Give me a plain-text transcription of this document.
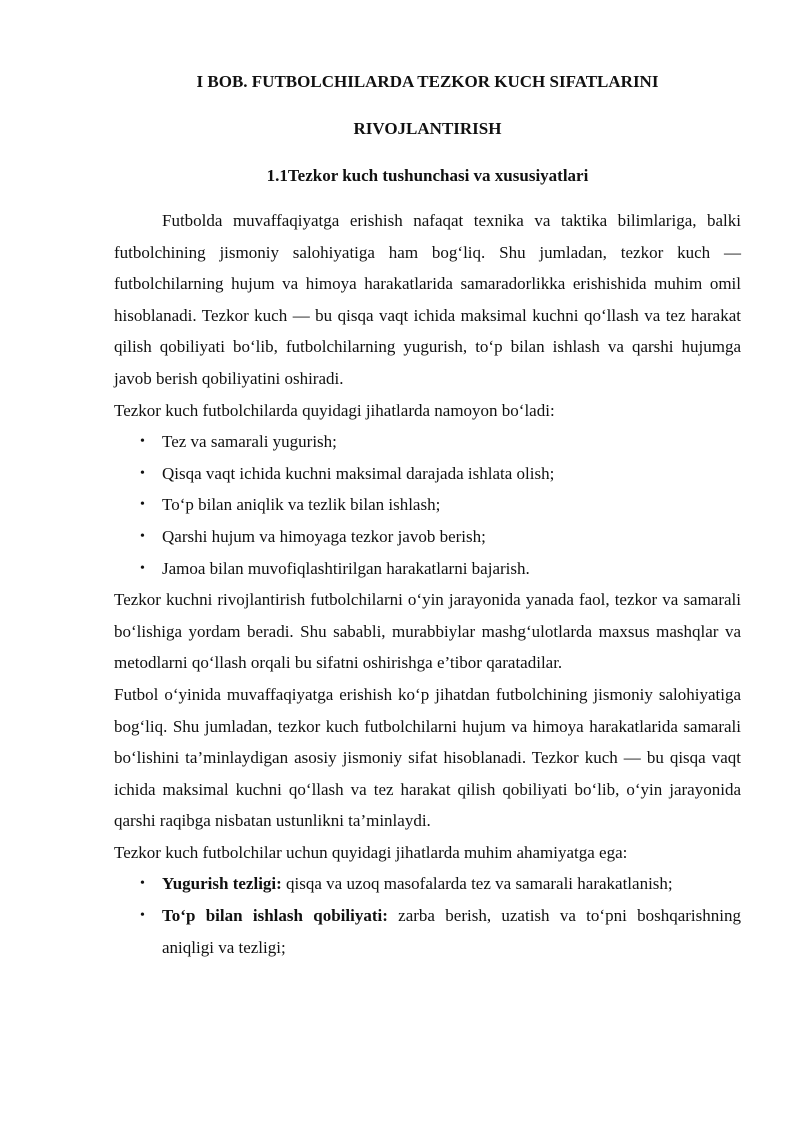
I BOB. FUTBOLCHILARDA TEZKOR KUCH SIFATLARINI
RIVOJLANTIRISH
1.1Tezkor kuch tushunchasi va xususiyatlari

Futbolda muvaffaqiyatga erishish nafaqat texnika va taktika bilimlariga, balki futbolchining jismoniy salohiyatiga ham bog‘liq. Shu jumladan, tezkor kuch — futbolchilarning hujum va himoya harakatlarida samaradorlikka erishishida muhim omil hisoblanadi. Tezkor kuch — bu qisqa vaqt ichida maksimal kuchni qo‘llash va tez harakat qilish qobiliyati bo‘lib, futbolchilarning yugurish, to‘p bilan ishlash va qarshi hujumga javob berish qobiliyatini oshiradi.

Tezkor kuch futbolchilarda quyidagi jihatlarda namoyon bo‘ladi:

• Tez va samarali yugurish;
• Qisqa vaqt ichida kuchni maksimal darajada ishlata olish;
• To‘p bilan aniqlik va tezlik bilan ishlash;
• Qarshi hujum va himoyaga tezkor javob berish;
• Jamoa bilan muvofiqlashtirilgan harakatlarni bajarish.

Tezkor kuchni rivojlantirish futbolchilarni o‘yin jarayonida yanada faol, tezkor va samarali bo‘lishiga yordam beradi. Shu sababli, murabbiylar mashg‘ulotlarda maxsus mashqlar va metodlarni qo‘llash orqali bu sifatni oshirishga e’tibor qaratadilar.

Futbol o‘yinida muvaffaqiyatga erishish ko‘p jihatdan futbolchining jismoniy salohiyatiga bog‘liq. Shu jumladan, tezkor kuch futbolchilarni hujum va himoya harakatlarida samarali bo‘lishini ta’minlaydigan asosiy jismoniy sifat hisoblanadi. Tezkor kuch — bu qisqa vaqt ichida maksimal kuchni qo‘llash va tez harakat qilish qobiliyati bo‘lib, o‘yin jarayonida qarshi raqibga nisbatan ustunlikni ta’minlaydi.

Tezkor kuch futbolchilar uchun quyidagi jihatlarda muhim ahamiyatga ega:

• Yugurish tezligi: qisqa va uzoq masofalarda tez va samarali harakatlanish;
• To‘p bilan ishlash qobiliyati: zarba berish, uzatish va to‘pni boshqarishning aniqligi va tezligi;
